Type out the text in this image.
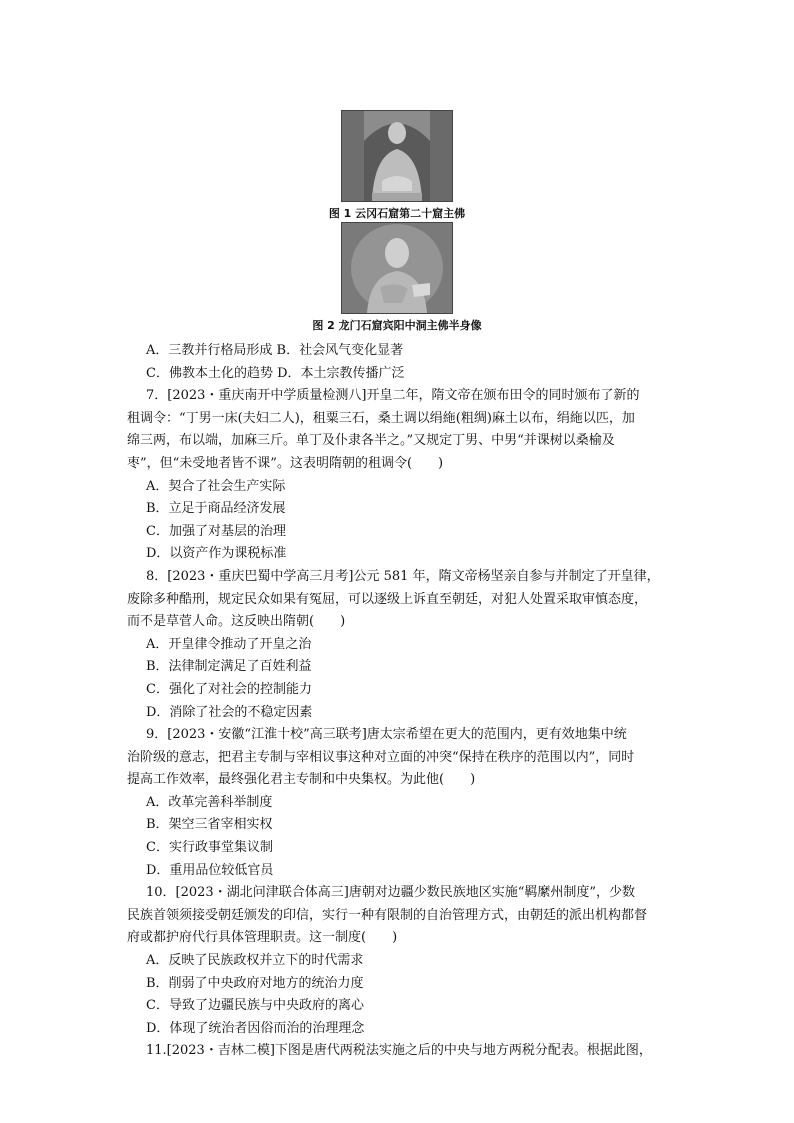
图 1 云冈石窟第二十窟主佛
图 2 龙门石窟宾阳中洞主佛半身像

A．三教并行格局形成 B．社会风气变化显著

C．佛教本土化的趋势 D．本土宗教传播广泛

7．[2023・重庆南开中学质量检测八]开皇二年，隋文帝在颁布田令的同时颁布了新的

租调令：“丁男一床(夫妇二人)，租粟三石，桑土调以绢絁(粗绸)麻土以布，绢絁以匹，加

绵三两，布以端，加麻三斤。单丁及仆隶各半之。”又规定丁男、中男“并课树以桑榆及

枣”，但“未受地者皆不课”。这表明隋朝的租调令(　　)

A．契合了社会生产实际

B．立足于商品经济发展

C．加强了对基层的治理

D．以资产作为课税标准

8．[2023・重庆巴蜀中学高三月考]公元 581 年，隋文帝杨坚亲自参与并制定了开皇律，

废除多种酷刑，规定民众如果有冤屈，可以逐级上诉直至朝廷，对犯人处置采取审慎态度，

而不是草菅人命。这反映出隋朝(　　)

A．开皇律令推动了开皇之治

B．法律制定满足了百姓利益

C．强化了对社会的控制能力

D．消除了社会的不稳定因素

9．[2023・安徽“江淮十校”高三联考]唐太宗希望在更大的范围内，更有效地集中统

治阶级的意志，把君主专制与宰相议事这种对立面的冲突“保持在秩序的范围以内”，同时

提高工作效率，最终强化君主专制和中央集权。为此他(　　)

A．改革完善科举制度

B．架空三省宰相实权

C．实行政事堂集议制

D．重用品位较低官员

10．[2023・湖北问津联合体高三]唐朝对边疆少数民族地区实施“羁縻州制度”，少数

民族首领须接受朝廷颁发的印信，实行一种有限制的自治管理方式，由朝廷的派出机构都督

府或都护府代行具体管理职责。这一制度(　　)

A．反映了民族政权并立下的时代需求

B．削弱了中央政府对地方的统治力度

C．导致了边疆民族与中央政府的离心

D．体现了统治者因俗而治的治理理念

11.[2023・吉林二模]下图是唐代两税法实施之后的中央与地方两税分配表。根据此图，
